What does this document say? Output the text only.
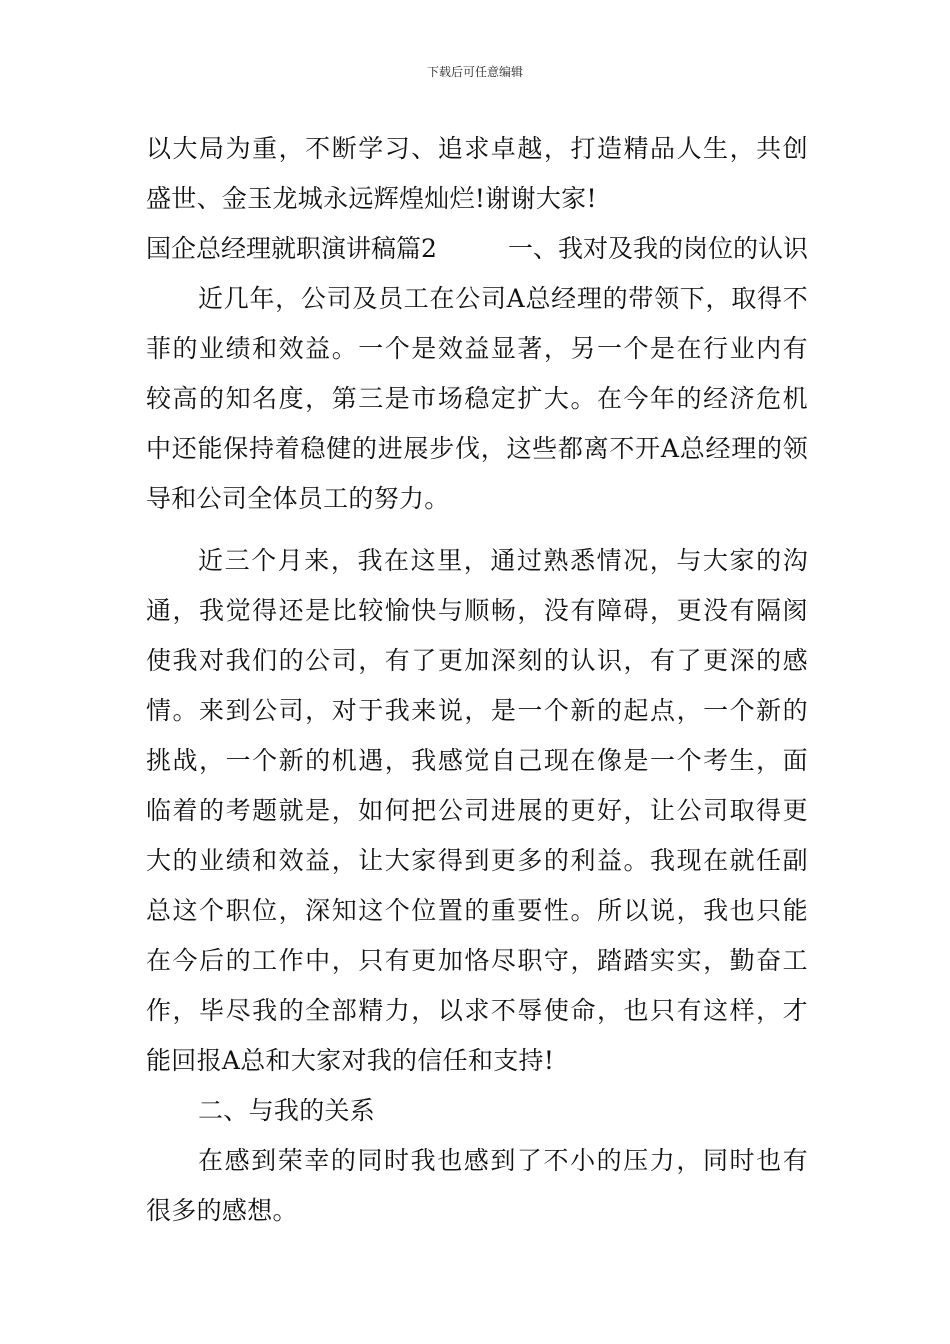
下载后可任意编辑
以大局为重，不断学习、追求卓越，打造精品人生，共创
盛世、金玉龙城永远辉煌灿烂!谢谢大家!
国企总经理就职演讲稿篇2	一、我对及我的岗位的认识
近几年，公司及员工在公司A总经理的带领下，取得不
菲的业绩和效益。一个是效益显著，另一个是在行业内有
较高的知名度，第三是市场稳定扩大。在今年的经济危机
中还能保持着稳健的进展步伐，这些都离不开A总经理的领
导和公司全体员工的努力。
近三个月来，我在这里，通过熟悉情况，与大家的沟
通，我觉得还是比较愉快与顺畅，没有障碍，更没有隔阂
使我对我们的公司，有了更加深刻的认识，有了更深的感
情。来到公司，对于我来说，是一个新的起点，一个新的
挑战，一个新的机遇，我感觉自己现在像是一个考生，面
临着的考题就是，如何把公司进展的更好，让公司取得更
大的业绩和效益，让大家得到更多的利益。我现在就任副
总这个职位，深知这个位置的重要性。所以说，我也只能
在今后的工作中，只有更加恪尽职守，踏踏实实，勤奋工
作，毕尽我的全部精力，以求不辱使命，也只有这样，才
能回报A总和大家对我的信任和支持!
二、与我的关系
在感到荣幸的同时我也感到了不小的压力，同时也有
很多的感想。
